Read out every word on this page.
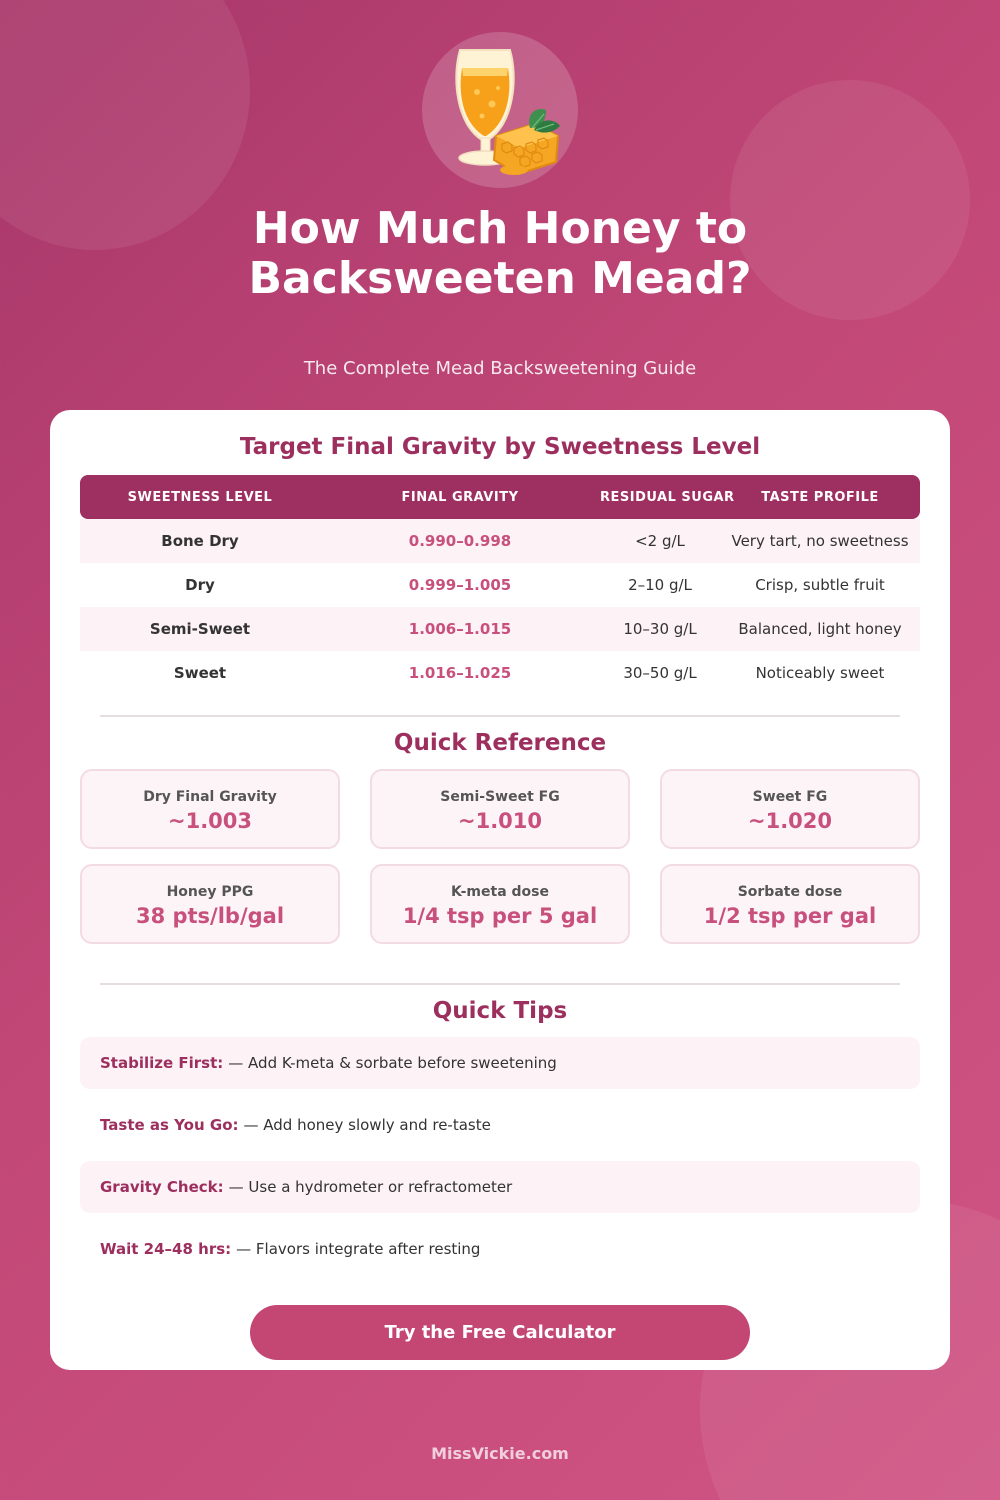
How Much Honey to
Backsweeten Mead?
The Complete Mead Backsweetening Guide
Target Final Gravity by Sweetness Level
SWEETNESS LEVEL	FINAL GRAVITY	RESIDUAL SUGAR	TASTE PROFILE
Bone Dry	0.990–0.998	<2 g/L	Very tart, no sweetness
Dry	0.999–1.005	2–10 g/L	Crisp, subtle fruit
Semi-Sweet	1.006–1.015	10–30 g/L	Balanced, light honey
Sweet	1.016–1.025	30–50 g/L	Noticeably sweet
Quick Reference
Dry Final Gravity
~1.003
Semi-Sweet FG
~1.010
Sweet FG
~1.020
Honey PPG
38 pts/lb/gal
K-meta dose
1/4 tsp per 5 gal
Sorbate dose
1/2 tsp per gal
Quick Tips
Stabilize First: — Add K-meta & sorbate before sweetening
Taste as You Go: — Add honey slowly and re-taste
Gravity Check: — Use a hydrometer or refractometer
Wait 24–48 hrs: — Flavors integrate after resting
Try the Free Calculator
MissVickie.com
